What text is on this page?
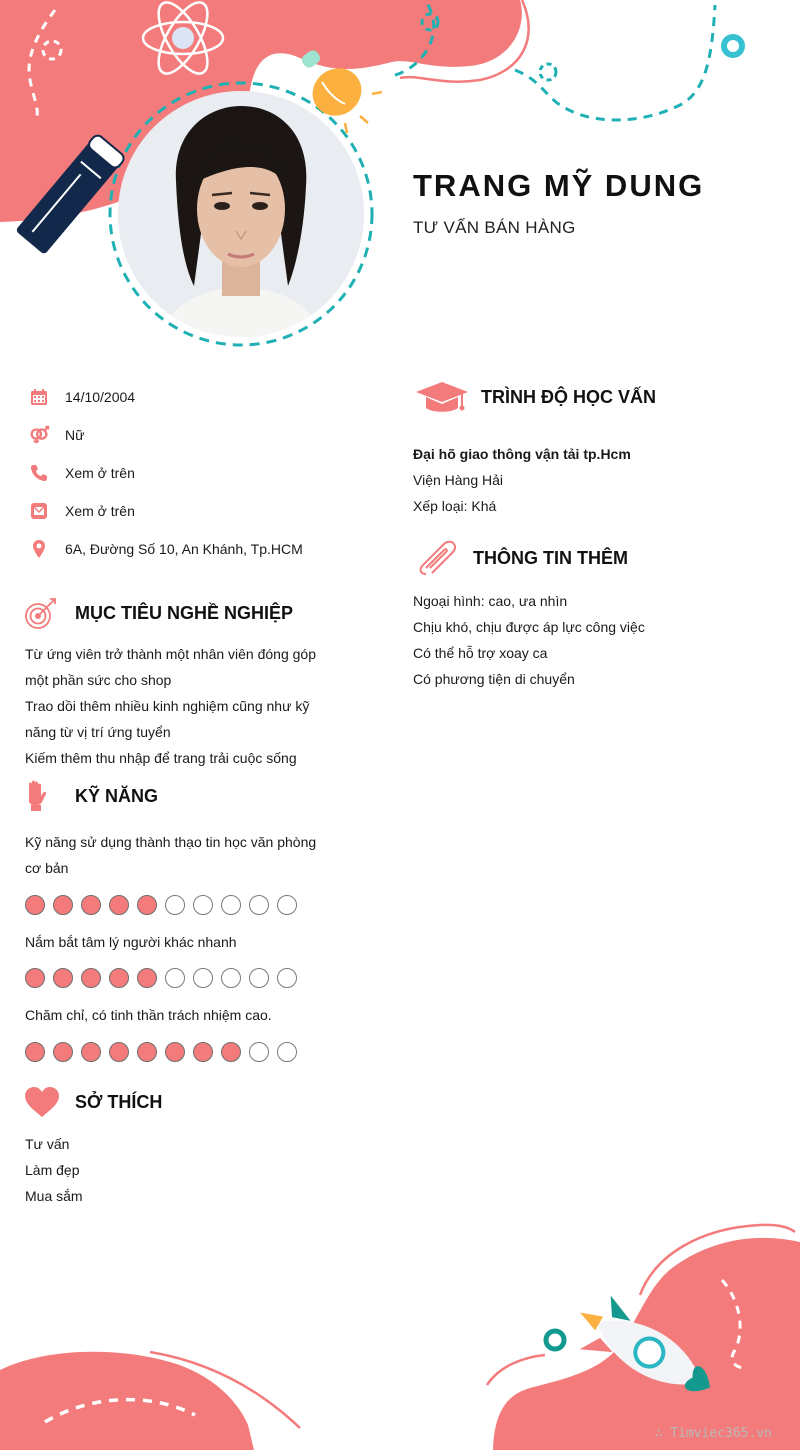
TRANG MỸ DUNG
TƯ VẤN BÁN HÀNG
14/10/2004
Nữ
Xem ở trên
Xem ở trên
6A, Đường Số 10, An Khánh, Tp.HCM
MỤC TIÊU NGHỀ NGHIỆP
Từ ứng viên trở thành một nhân viên đóng góp
một phần sức cho shop
Trao dồi thêm nhiều kinh nghiệm cũng như kỹ
năng từ vị trí ứng tuyển
Kiếm thêm thu nhập để trang trải cuộc sống
KỸ NĂNG
Kỹ năng sử dụng thành thạo tin học văn phòng
cơ bản
Nắm bắt tâm lý người khác nhanh
Chăm chỉ, có tinh thần trách nhiệm cao.
SỞ THÍCH
Tư vấn
Làm đẹp
Mua sắm
TRÌNH ĐỘ HỌC VẤN
Đại hõ giao thông vận tải tp.Hcm
Viện Hàng Hải
Xếp loại: Khá
THÔNG TIN THÊM
Ngoại hình: cao, ưa nhìn
Chịu khó, chịu được áp lực công việc
Có thể hỗ trợ xoay ca
Có phương tiện di chuyển
∴ Timviec365.vn
